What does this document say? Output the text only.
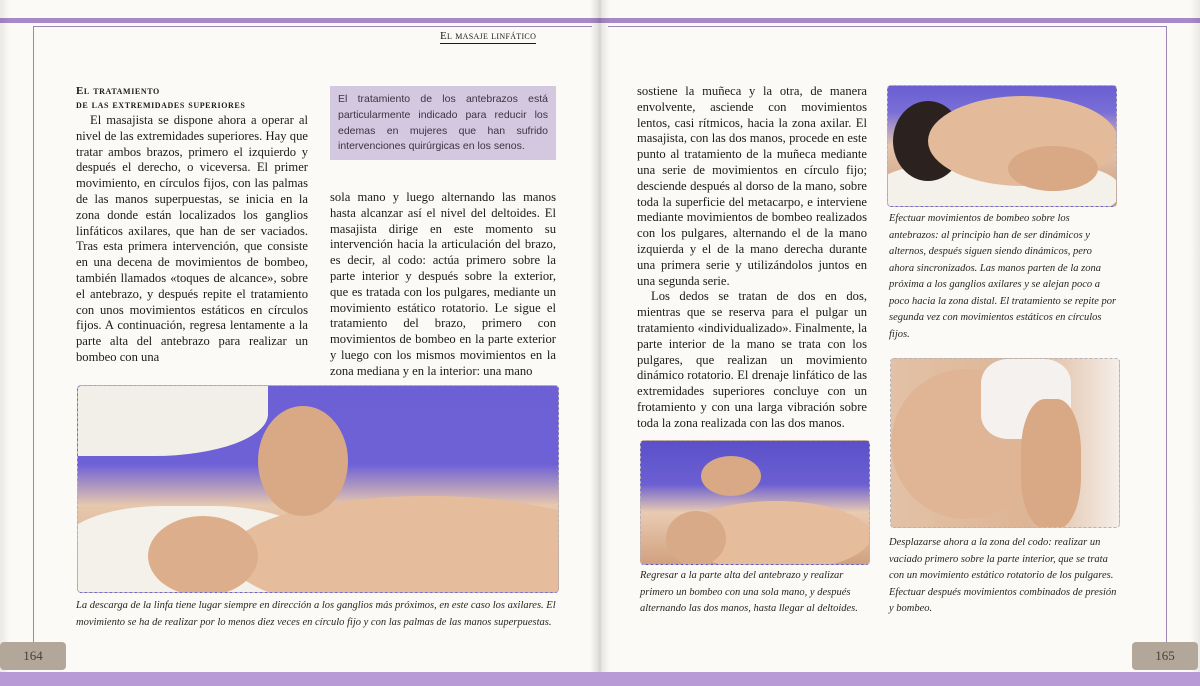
El masaje linfático
El tratamiento
de las extremidades superiores

El masajista se dispone ahora a operar al nivel de las extremidades superiores. Hay que tratar ambos brazos, primero el izquierdo y después el derecho, o viceversa. El primer movimiento, en círculos fijos, con las palmas de las manos superpuestas, se inicia en la zona donde están localizados los ganglios linfáticos axilares, que han de ser vaciados. Tras esta primera intervención, que consiste en una decena de movimientos de bombeo, también llamados «toques de alcance», sobre el antebrazo, y después repite el tratamiento con unos movimientos estáticos en círculos fijos. A continuación, regresa lentamente a la parte alta del antebrazo para realizar un bombeo con una

El tratamiento de los antebrazos está particularmente indicado para reducir los edemas en mujeres que han sufrido intervenciones quirúrgicas en los senos.

sola mano y luego alternando las manos hasta alcanzar así el nivel del deltoides. El masajista dirige en este momento su intervención hacia la articulación del brazo, es decir, al codo: actúa primero sobre la parte interior y después sobre la exterior, que es tratada con los pulgares, mediante un movimiento estático rotatorio. Le sigue el tratamiento del brazo, primero con movimientos de bombeo en la parte exterior y luego con los mismos movimientos en la zona mediana y en la interior: una mano

La descarga de la linfa tiene lugar siempre en dirección a los ganglios más próximos, en este caso los axilares. El movimiento se ha de realizar por lo menos diez veces en círculo fijo y con las palmas de las manos superpuestas.
164

sostiene la muñeca y la otra, de manera envolvente, asciende con movimientos lentos, casi rítmicos, hacia la zona axilar. El masajista, con las dos manos, procede en este punto al tratamiento de la muñeca mediante una serie de movimientos en círculo fijo; desciende después al dorso de la mano, sobre toda la superficie del metacarpo, e interviene mediante movimientos de bombeo realizados con los pulgares, alternando el de la mano izquierda y el de la mano derecha durante una primera serie y utilizándolos juntos en una segunda serie.

Los dedos se tratan de dos en dos, mientras que se reserva para el pulgar un tratamiento «individualizado». Finalmente, la parte interior de la mano se trata con los pulgares, que realizan un movimiento dinámico rotatorio. El drenaje linfático de las extremidades superiores concluye con un frotamiento y con una larga vibración sobre toda la zona realizada con las dos manos.

Regresar a la parte alta del antebrazo y realizar primero un bombeo con una sola mano, y después alternando las dos manos, hasta llegar al deltoides.
Efectuar movimientos de bombeo sobre los antebrazos: al principio han de ser dinámicos y alternos, después siguen siendo dinámicos, pero ahora sincronizados. Las manos parten de la zona próxima a los ganglios axilares y se alejan poco a poco hacia la zona distal. El tratamiento se repite por segunda vez con movimientos estáticos en círculos fijos.
Desplazarse ahora a la zona del codo: realizar un vaciado primero sobre la parte interior, que se trata con un movimiento estático rotatorio de los pulgares. Efectuar después movimientos combinados de presión y bombeo.
165
